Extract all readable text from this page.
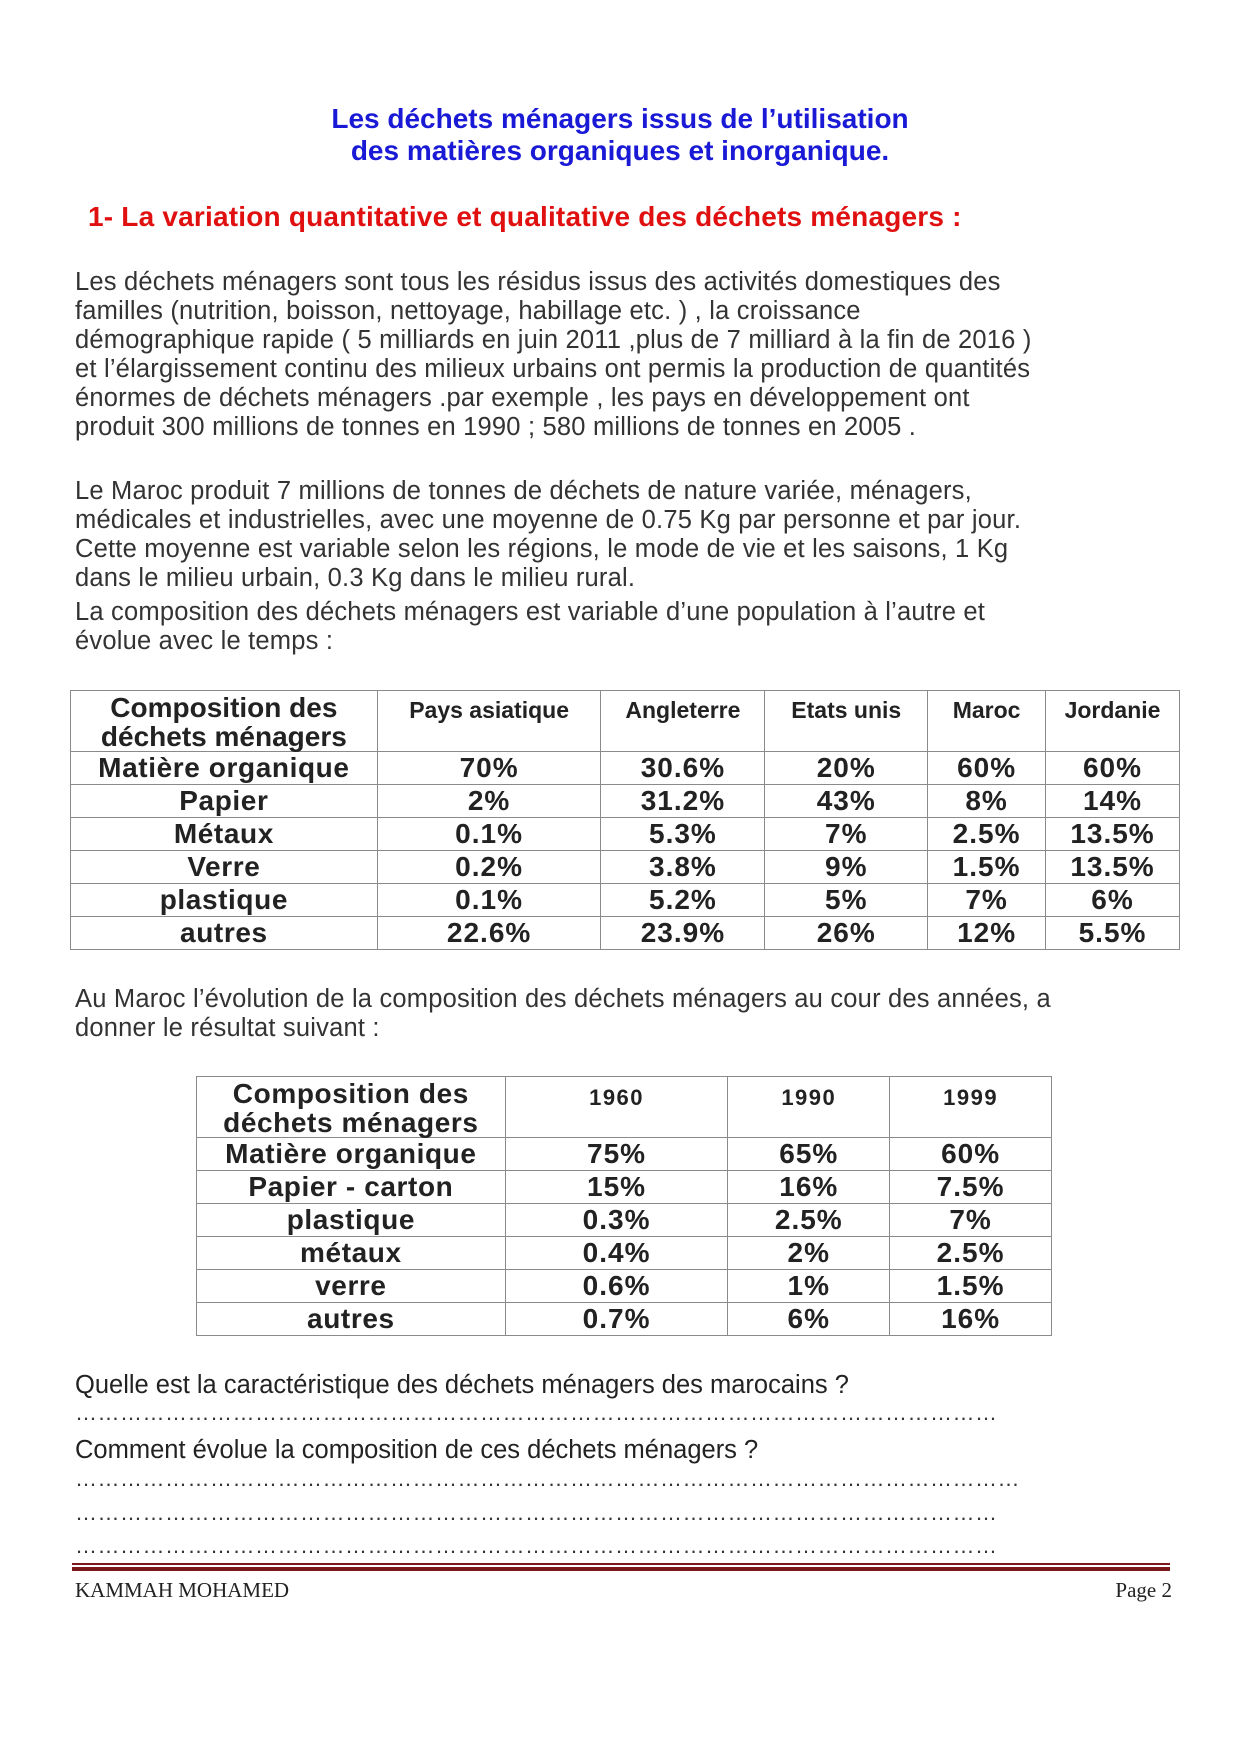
Les déchets ménagers issus de l’utilisation

des matières organiques et inorganique.

1- La variation quantitative et qualitative des déchets ménagers :

Les déchets ménagers sont tous les résidus issus des activités domestiques des
familles (nutrition, boisson, nettoyage, habillage etc. ) , la croissance
démographique rapide ( 5 milliards en juin 2011 ,plus de 7 milliard à la fin de 2016 )
et l’élargissement continu des milieux urbains ont permis la production de quantités
énormes de déchets ménagers .par exemple , les pays en développement ont
produit 300 millions de tonnes en 1990 ; 580 millions de tonnes en 2005 .
Le Maroc produit 7 millions de tonnes de déchets de nature variée, ménagers,
médicales et industrielles, avec une moyenne de 0.75 Kg par personne et par jour.
Cette moyenne est variable selon les régions, le mode de vie et les saisons, 1 Kg
dans le milieu urbain, 0.3 Kg dans le milieu rural.
La composition des déchets ménagers est variable d’une population à l’autre et
évolue avec le temps :
Composition des déchets ménagers	Pays asiatique	Angleterre	Etats unis	Maroc	Jordanie
Matière organique	70%	30.6%	20%	60%	60%
Papier	2%	31.2%	43%	8%	14%
Métaux	0.1%	5.3%	7%	2.5%	13.5%
Verre	0.2%	3.8%	9%	1.5%	13.5%
plastique	0.1%	5.2%	5%	7%	6%
autres	22.6%	23.9%	26%	12%	5.5%
Au Maroc l’évolution de la composition des déchets ménagers au cour des années, a
donner le résultat suivant :
Composition des déchets ménagers	1960	1990	1999
Matière organique	75%	65%	60%
Papier - carton	15%	16%	7.5%
plastique	0.3%	2.5%	7%
métaux	0.4%	2%	2.5%
verre	0.6%	1%	1.5%
autres	0.7%	6%	16%

Quelle est la caractéristique des déchets ménagers des marocains ?

……………………………………………………………………………………………………………

Comment évolue la composition de ces déchets ménagers ?

………………………………………………………………………………………………………………

……………………………………………………………………………………………………………

……………………………………………………………………………………………………………

KAMMAH MOHAMED	Page 2
